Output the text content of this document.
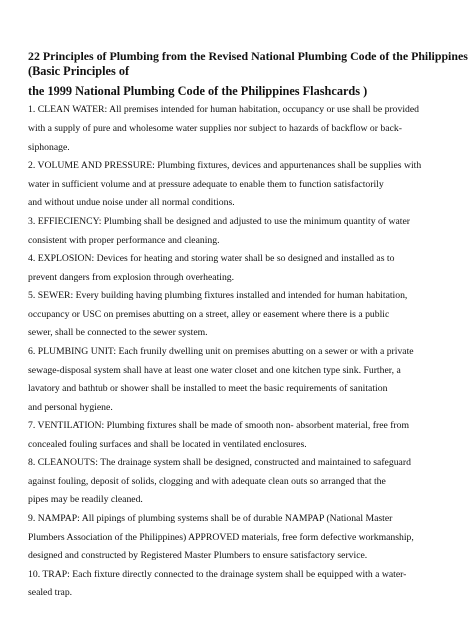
22 Principles of Plumbing from the Revised National Plumbing Code of the Philippines
(Basic Principles of
the 1999 National Plumbing Code of the Philippines Flashcards )
1. CLEAN WATER: All premises intended for human habitation, occupancy or use shall be provided
with a supply of pure and wholesome water supplies nor subject to hazards of backflow or back-
siphonage.
2. VOLUME AND PRESSURE: Plumbing fixtures, devices and appurtenances shall be supplies with
water in sufficient volume and at pressure adequate to enable them to function satisfactorily
and without undue noise under all normal conditions.
3. EFFIECIENCY: Plumbing shall be designed and adjusted to use the minimum quantity of water
consistent with proper performance and cleaning.
4. EXPLOSION: Devices for heating and storing water shall be so designed and installed as to
prevent dangers from explosion through overheating.
5. SEWER: Every building having plumbing fixtures installed and intended for human habitation,
occupancy or USC on premises abutting on a street, alley or easement where there is a public
sewer, shall be connected to the sewer system.
6. PLUMBING UNIT: Each frunily dwelling unit on premises abutting on a sewer or with a private
sewage-disposal system shall have at least one water closet and one kitchen type sink. Further, a
lavatory and bathtub or shower shall be installed to meet the basic requirements of sanitation
and personal hygiene.
7. VENTILATION: Plumbing fixtures shall be made of smooth non- absorbent material, free from
concealed fouling surfaces and shall be located in ventilated enclosures.
8. CLEANOUTS: The drainage system shall be designed, constructed and maintained to safeguard
against fouling, deposit of solids, clogging and with adequate clean outs so arranged that the
pipes may be readily cleaned.
9. NAMPAP: All pipings of plumbing systems shall be of durable NAMPAP (National Master
Plumbers Association of the Philippines) APPROVED materials, free form defective workmanship,
designed and constructed by Registered Master Plumbers to ensure satisfactory service.
10. TRAP: Each fixture directly connected to the drainage system shall be equipped with a water-
sealed trap.
